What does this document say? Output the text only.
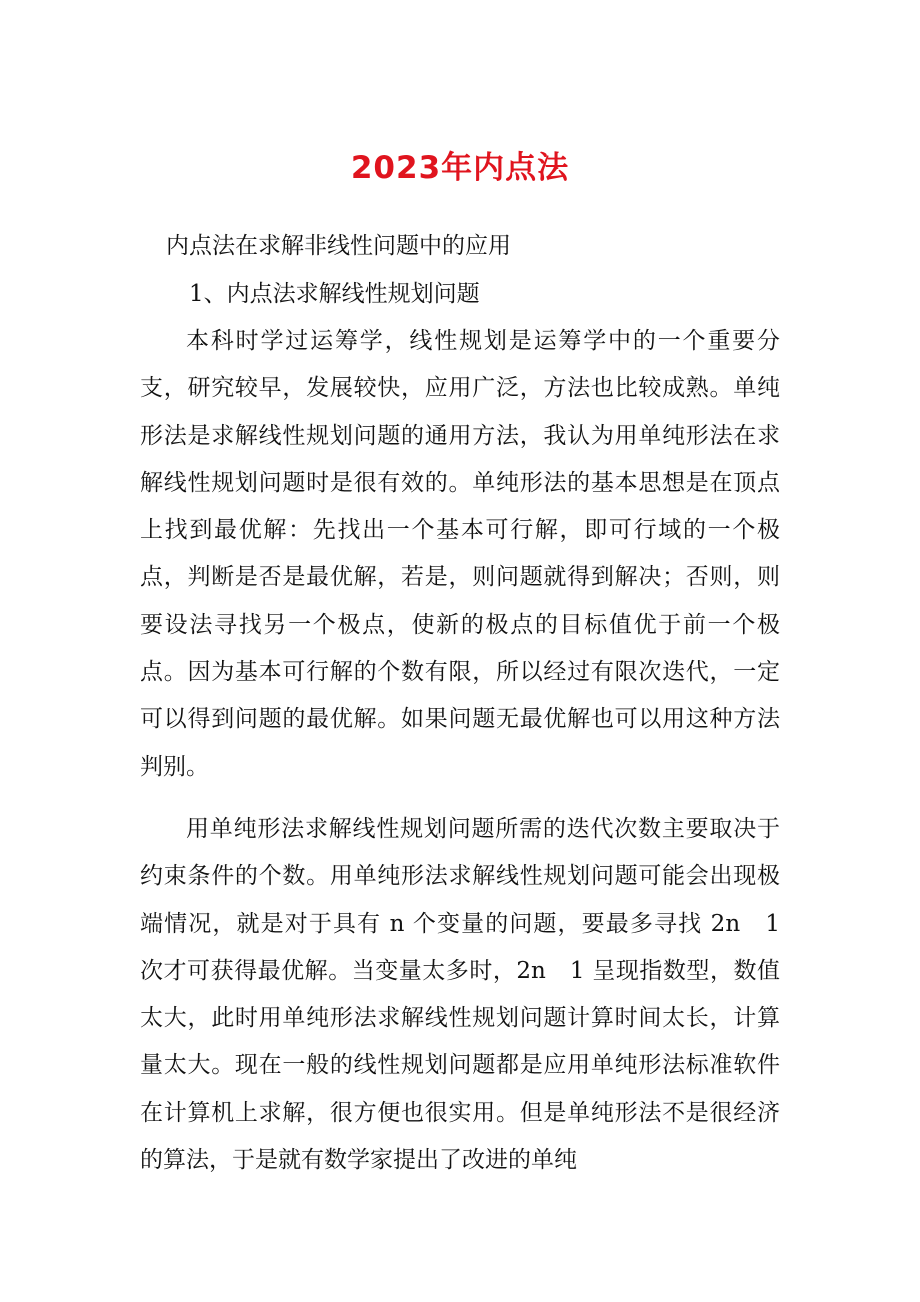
2023年内点法
内点法在求解非线性问题中的应用
1、内点法求解线性规划问题

本科时学过运筹学，线性规划是运筹学中的一个重要分支，研究较早，发展较快，应用广泛，方法也比较成熟。单纯形法是求解线性规划问题的通用方法，我认为用单纯形法在求解线性规划问题时是很有效的。单纯形法的基本思想是在顶点上找到最优解：先找出一个基本可行解，即可行域的一个极点，判断是否是最优解，若是，则问题就得到解决；否则，则要设法寻找另一个极点，使新的极点的目标值优于前一个极点。因为基本可行解的个数有限，所以经过有限次迭代，一定可以得到问题的最优解。如果问题无最优解也可以用这种方法判别。

用单纯形法求解线性规划问题所需的迭代次数主要取决于约束条件的个数。用单纯形法求解线性规划问题可能会出现极端情况，就是对于具有 n 个变量的问题，要最多寻找 2n　1 次才可获得最优解。当变量太多时，2n　1 呈现指数型，数值太大，此时用单纯形法求解线性规划问题计算时间太长，计算量太大。现在一般的线性规划问题都是应用单纯形法标准软件在计算机上求解，很方便也很实用。但是单纯形法不是很经济的算法，于是就有数学家提出了改进的单纯
